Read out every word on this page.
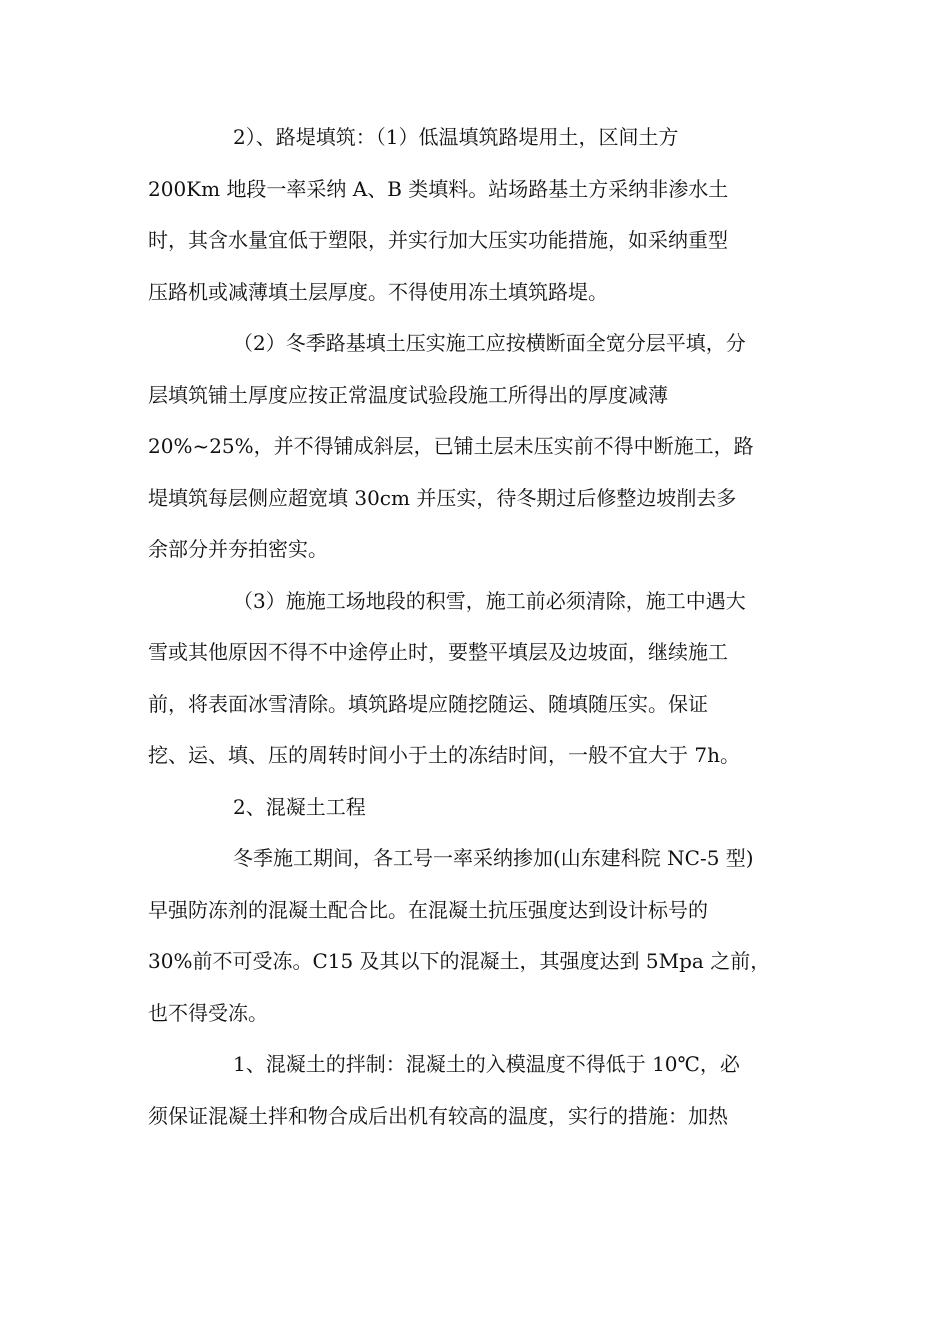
2）、路堤填筑：（1）低温填筑路堤用土，区间土方
200Km 地段一率采纳 A、B 类填料。站场路基土方采纳非渗水土
时，其含水量宜低于塑限，并实行加大压实功能措施，如采纳重型
压路机或减薄填土层厚度。不得使用冻土填筑路堤。
（2）冬季路基填土压实施工应按横断面全宽分层平填，分
层填筑铺土厚度应按正常温度试验段施工所得出的厚度减薄
20%~25%，并不得铺成斜层，已铺土层未压实前不得中断施工，路
堤填筑每层侧应超宽填 30cm 并压实，待冬期过后修整边坡削去多
余部分并夯拍密实。
（3）施施工场地段的积雪，施工前必须清除，施工中遇大
雪或其他原因不得不中途停止时，要整平填层及边坡面，继续施工
前，将表面冰雪清除。填筑路堤应随挖随运、随填随压实。保证
挖、运、填、压的周转时间小于土的冻结时间，一般不宜大于 7h。
2、混凝土工程
冬季施工期间，各工号一率采纳掺加(山东建科院 NC-5 型)
早强防冻剂的混凝土配合比。在混凝土抗压强度达到设计标号的
30%前不可受冻。C15 及其以下的混凝土，其强度达到 5Mpa 之前，
也不得受冻。
1、混凝土的拌制：混凝土的入模温度不得低于 10℃，必
须保证混凝土拌和物合成后出机有较高的温度，实行的措施：加热
